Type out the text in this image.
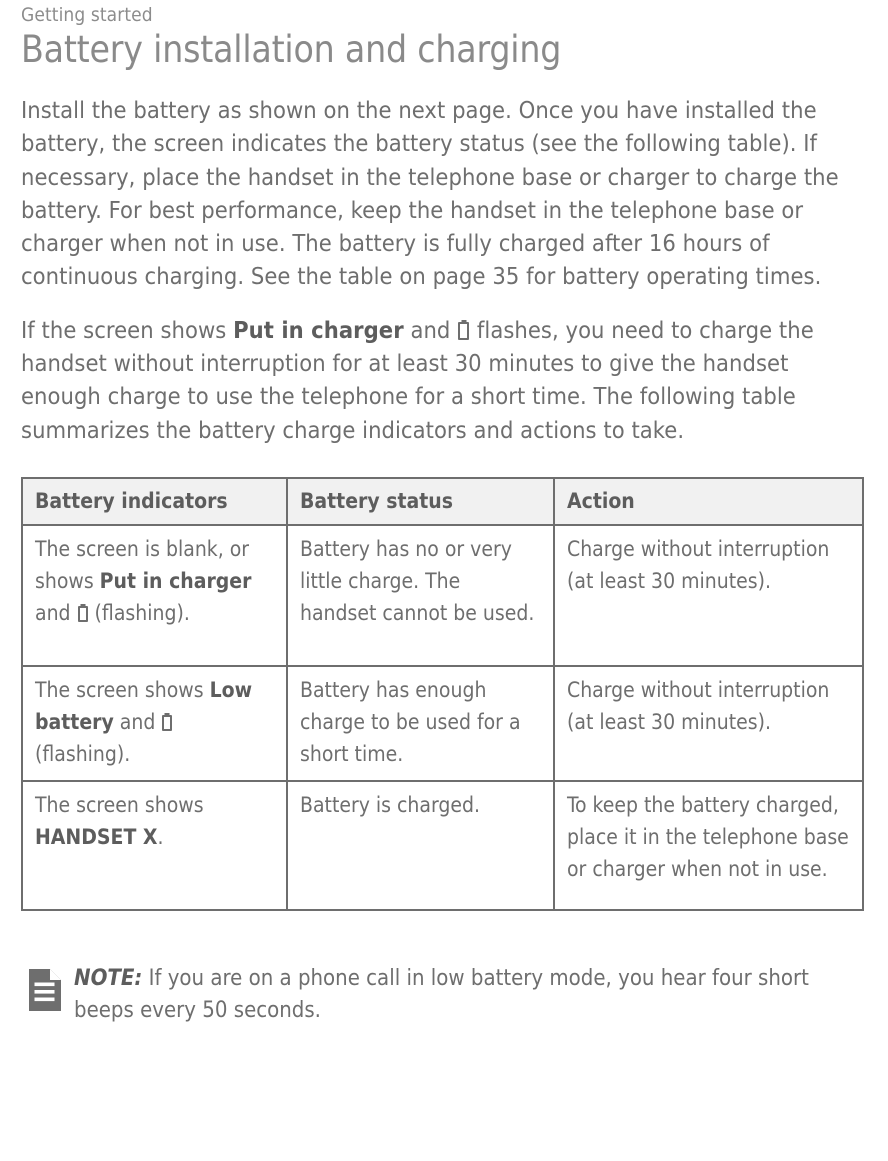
Getting started
Battery installation and charging

Install the battery as shown on the next page. Once you have installed the battery, the screen indicates the battery status (see the following table). If necessary, place the handset in the telephone base or charger to charge the battery. For best performance, keep the handset in the telephone base or charger when not in use. The battery is fully charged after 16 hours of continuous charging. See the table on page 35 for battery operating times.

If the screen shows Put in charger and  flashes, you need to charge the handset without interruption for at least 30 minutes to give the handset enough charge to use the telephone for a short time. The following table summarizes the battery charge indicators and actions to take.

Battery indicators	Battery status	Action
The screen is blank, or shows Put in charger and  (flashing).	Battery has no or very little charge. The handset cannot be used.	Charge without interruption (at least 30 minutes).
The screen shows Low battery and  (flashing).	Battery has enough charge to be used for a short time.	Charge without interruption (at least 30 minutes).
The screen shows HANDSET X.	Battery is charged.	To keep the battery charged, place it in the telephone base or charger when not in use.
NOTE: If you are on a phone call in low battery mode, you hear four short beeps every 50 seconds.
